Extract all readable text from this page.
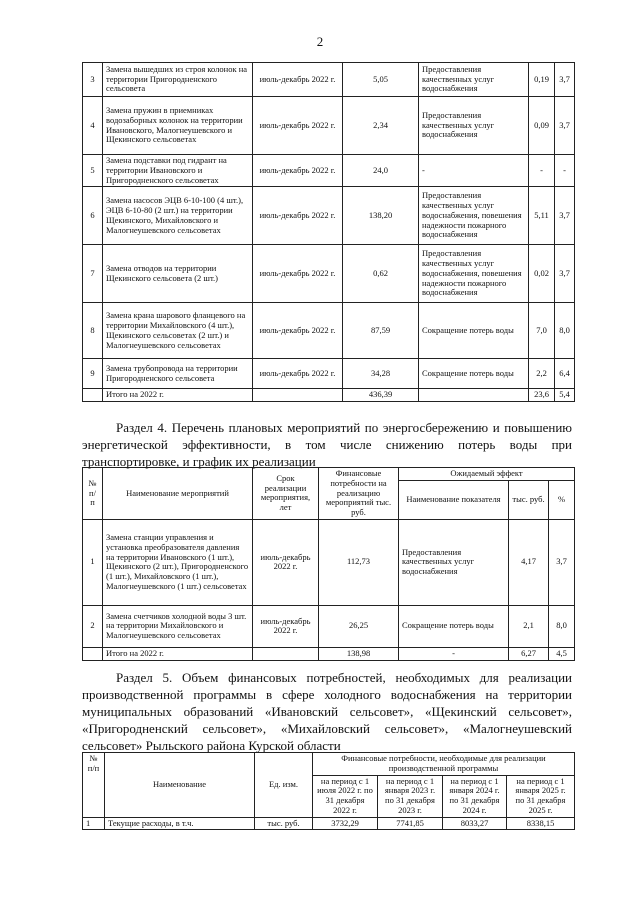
2
3	Замена вышедших из строя колонок на территории Пригородненского сельсовета	июль-декабрь 2022 г.	5,05	Предоставления качественных услуг водоснабжения	0,19	3,7
4	Замена пружин в приемниках водозаборных колонок на территории Ивановского, Малогнеушевского и Щекинского сельсоветах	июль-декабрь 2022 г.	2,34	Предоставления качественных услуг водоснабжения	0,09	3,7
5	Замена подставки под гидрант на территории Ивановского и Пригородненского сельсоветах	июль-декабрь 2022 г.	24,0	-	-	-
6	Замена насосов ЭЦВ 6-10-100 (4 шт.), ЭЦВ 6-10-80 (2 шт.) на территории Щекинского, Михайловского и Малогнеушевского сельсоветах	июль-декабрь 2022 г.	138,20	Предоставления качественных услуг водоснабжения, повешения надежности пожарного водоснабжения	5,11	3,7
7	Замена отводов на территории Щекинского сельсовета (2 шт.)	июль-декабрь 2022 г.	0,62	Предоставления качественных услуг водоснабжения, повешения надежности пожарного водоснабжения	0,02	3,7
8	Замена крана шарового фланцевого на территории Михайловского (4 шт.), Щекинского сельсоветах (2 шт.) и Малогнеушевского сельсоветах	июль-декабрь 2022 г.	87,59	Сокращение потерь воды	7,0	8,0
9	Замена трубопровода на территории Пригородненского сельсовета	июль-декабрь 2022 г.	34,28	Сокращение потерь воды	2,2	6,4
	Итого на 2022 г.		436,39		23,6	5,4
Раздел 4. Перечень плановых мероприятий по энергосбережению и повышению энергетической эффективности, в том числе снижению потерь воды при транспортировке, и график их реализации
№ п/ п	Наименование мероприятий	Срок реализации мероприятия, лет	Финансовые потребности на реализацию мероприятий тыс. руб.	Ожидаемый эффект		
				Наименование показателя	тыс. руб.	%
1	Замена станции управления и установка преобразователя давления на территории Ивановского (1 шт.), Щекинского (2 шт.), Пригородненского (1 шт.), Михайловского (1 шт.), Малогнеушевского (1 шт.) сельсоветах	июль-декабрь 2022 г.	112,73	Предоставления качественных услуг водоснабжения	4,17	3,7
2	Замена счетчиков холодной воды 3 шт. на территории Михайловского и Малогнеушевского сельсоветах	июль-декабрь 2022 г.	26,25	Сокращение потерь воды	2,1	8,0
	Итого на 2022 г.		138,98	-	6,27	4,5
Раздел 5. Объем финансовых потребностей, необходимых для реализации производственной программы в сфере холодного водоснабжения на территории муниципальных образований «Ивановский сельсовет», «Щекинский сельсовет», «Пригородненский сельсовет», «Михайловский сельсовет», «Малогнеушевский сельсовет» Рыльского района Курской области
№ п/п	Наименование	Ед. изм.	Финансовые потребности, необходимые для реализации производственной программы			
			на период с 1 июля 2022 г. по 31 декабря 2022 г.	на период с 1 января 2023 г. по 31 декабря 2023 г.	на период с 1 января 2024 г. по 31 декабря 2024 г.	на период с 1 января 2025 г. по 31 декабря 2025 г.
1	Текущие расходы, в т.ч.	тыс. руб.	3732,29	7741,85	8033,27	8338,15
